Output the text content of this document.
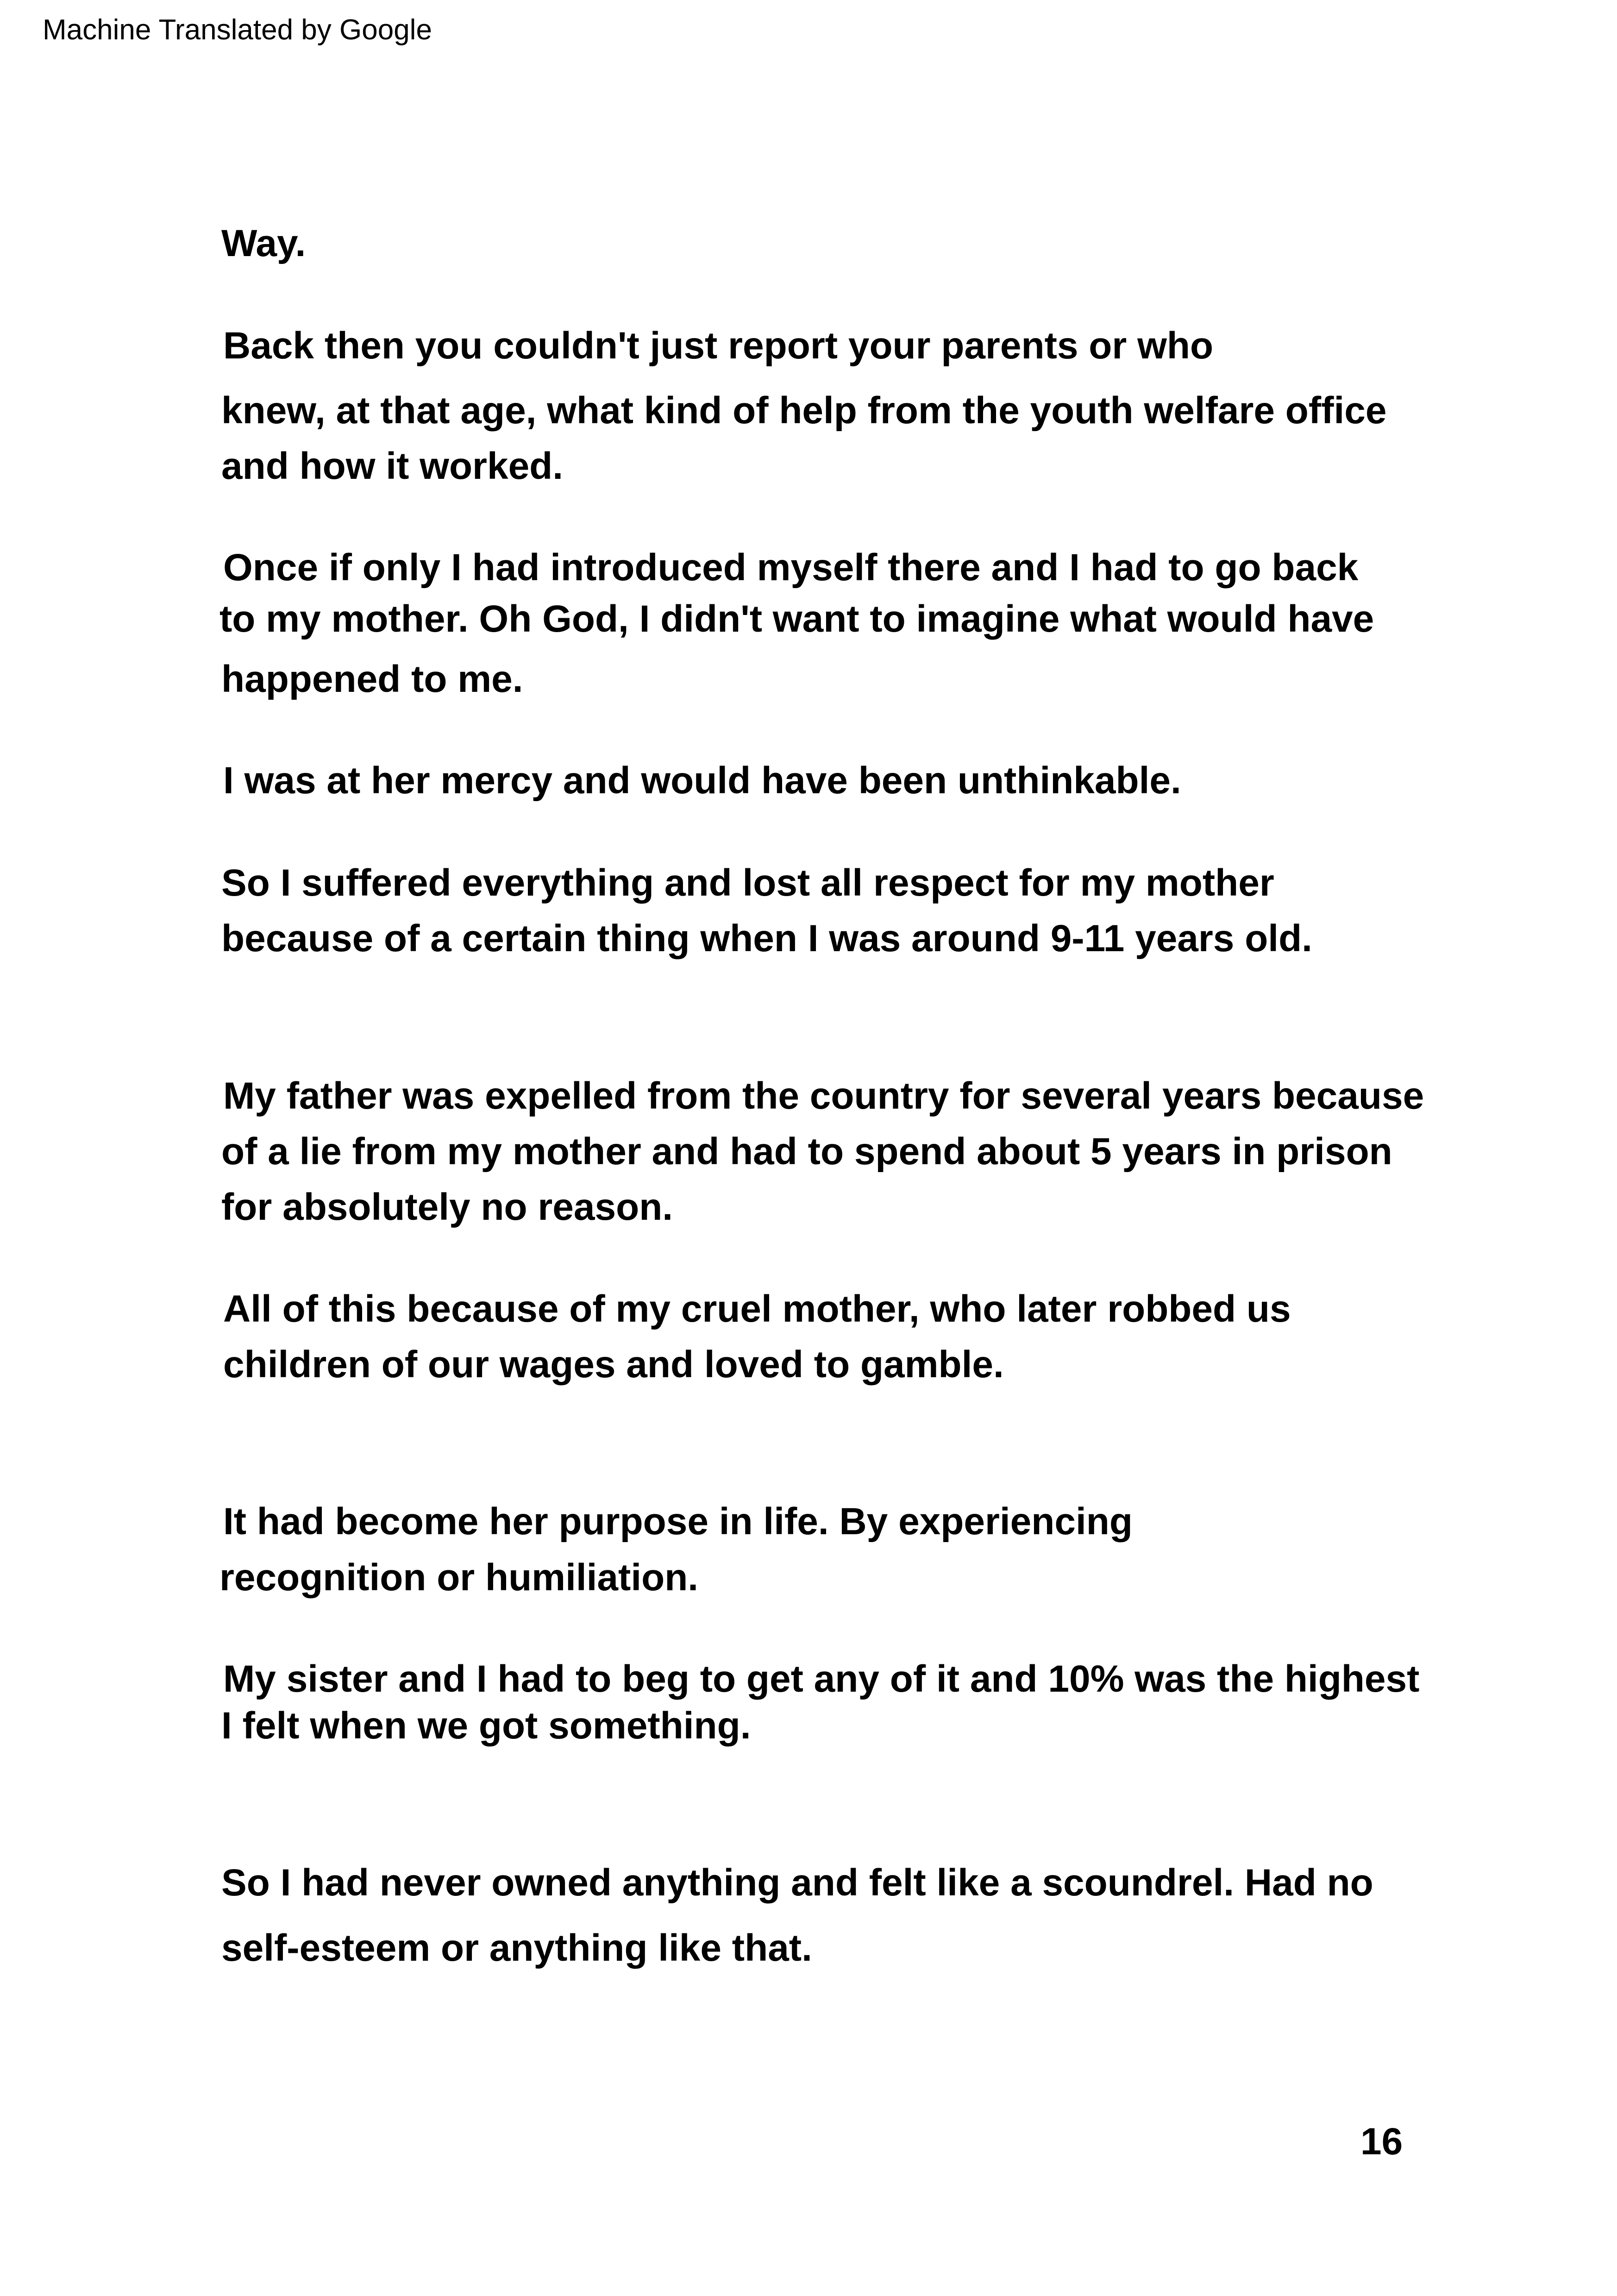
Machine Translated by Google
Way.
Back then you couldn't just report your parents or who
knew, at that age, what kind of help from the youth welfare office
and how it worked.
Once if only I had introduced myself there and I had to go back
to my mother. Oh God, I didn't want to imagine what would have
happened to me.
I was at her mercy and would have been unthinkable.
So I suffered everything and lost all respect for my mother
because of a certain thing when I was around 9-11 years old.
My father was expelled from the country for several years because
of a lie from my mother and had to spend about 5 years in prison
for absolutely no reason.
All of this because of my cruel mother, who later robbed us
children of our wages and loved to gamble.
It had become her purpose in life. By experiencing
recognition or humiliation.
My sister and I had to beg to get any of it and 10% was the highest
I felt when we got something.
So I had never owned anything and felt like a scoundrel. Had no
self-esteem or anything like that.
16
